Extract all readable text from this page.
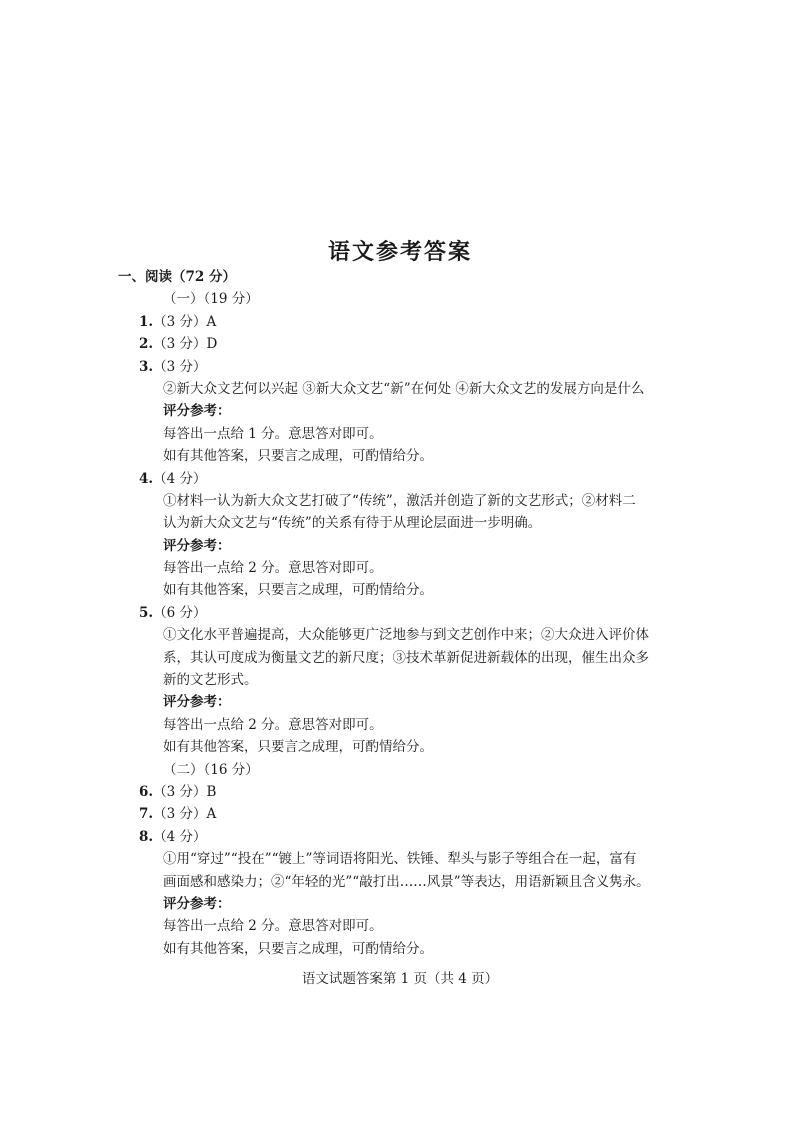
语文参考答案
一、阅读（72 分）
（一）（19 分）
1.（3 分）A
2.（3 分）D
3.（3 分）
②新大众文艺何以兴起 ③新大众文艺“新”在何处 ④新大众文艺的发展方向是什么
评分参考：
每答出一点给 1 分。意思答对即可。
如有其他答案，只要言之成理，可酌情给分。
4.（4 分）
①材料一认为新大众文艺打破了“传统”，激活并创造了新的文艺形式；②材料二
认为新大众文艺与“传统”的关系有待于从理论层面进一步明确。
评分参考：
每答出一点给 2 分。意思答对即可。
如有其他答案，只要言之成理，可酌情给分。
5.（6 分）
①文化水平普遍提高，大众能够更广泛地参与到文艺创作中来；②大众进入评价体
系，其认可度成为衡量文艺的新尺度；③技术革新促进新载体的出现，催生出众多
新的文艺形式。
评分参考：
每答出一点给 2 分。意思答对即可。
如有其他答案，只要言之成理，可酌情给分。
（二）（16 分）
6.（3 分）B
7.（3 分）A
8.（4 分）
①用“穿过”“投在”“镀上”等词语将阳光、铁锤、犁头与影子等组合在一起，富有
画面感和感染力；②“年轻的光”“敲打出……风景”等表达，用语新颖且含义隽永。
评分参考：
每答出一点给 2 分。意思答对即可。
如有其他答案，只要言之成理，可酌情给分。
语文试题答案第 1 页（共 4 页）
